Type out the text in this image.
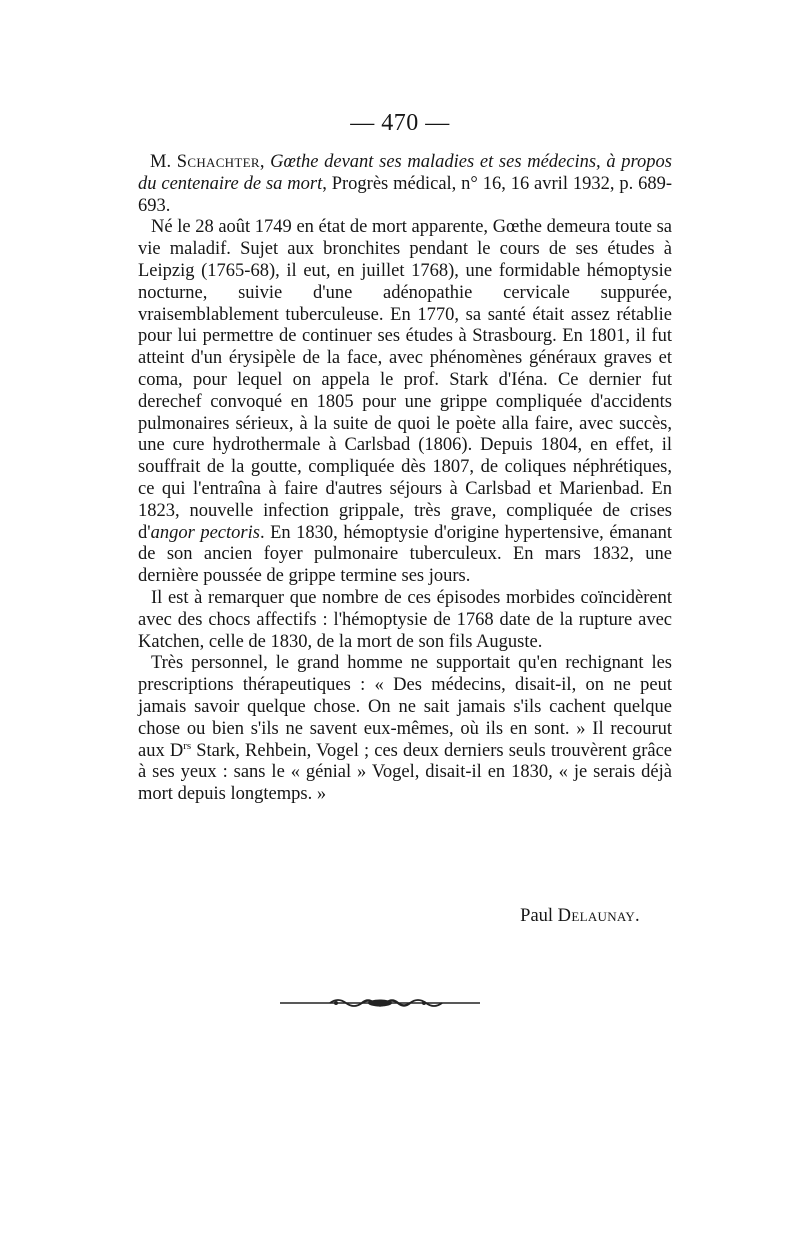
— 470 —

M. Schachter, Gœthe devant ses maladies et ses médecins, à propos du centenaire de sa mort, Progrès médical, n° 16, 16 avril 1932, p. 689-693.

Né le 28 août 1749 en état de mort apparente, Gœthe demeura toute sa vie maladif. Sujet aux bronchites pendant le cours de ses études à Leipzig (1765-68), il eut, en juillet 1768), une formidable hémoptysie nocturne, suivie d'une adénopathie cervicale suppurée, vraisemblablement tuberculeuse. En 1770, sa santé était assez rétablie pour lui permettre de continuer ses études à Strasbourg. En 1801, il fut atteint d'un érysipèle de la face, avec phénomènes généraux graves et coma, pour lequel on appela le prof. Stark d'Iéna. Ce dernier fut derechef convoqué en 1805 pour une grippe compliquée d'accidents pulmonaires sérieux, à la suite de quoi le poète alla faire, avec succès, une cure hydrothermale à Carlsbad (1806). Depuis 1804, en effet, il souffrait de la goutte, compliquée dès 1807, de coliques néphrétiques, ce qui l'entraîna à faire d'autres séjours à Carlsbad et Marienbad. En 1823, nouvelle infection grippale, très grave, compliquée de crises d'angor pectoris. En 1830, hémoptysie d'origine hypertensive, émanant de son ancien foyer pulmonaire tuberculeux. En mars 1832, une dernière poussée de grippe termine ses jours.

Il est à remarquer que nombre de ces épisodes morbides coïncidèrent avec des chocs affectifs : l'hémoptysie de 1768 date de la rupture avec Katchen, celle de 1830, de la mort de son fils Auguste.

Très personnel, le grand homme ne supportait qu'en rechignant les prescriptions thérapeutiques : « Des médecins, disait-il, on ne peut jamais savoir quelque chose. On ne sait jamais s'ils cachent quelque chose ou bien s'ils ne savent eux-mêmes, où ils en sont. » Il recourut aux $D^{rs}$ Stark, Rehbein, Vogel ; ces deux derniers seuls trouvèrent grâce à ses yeux : sans le « génial » Vogel, disait-il en 1830, « je serais déjà mort depuis longtemps. »

Paul Delaunay.
